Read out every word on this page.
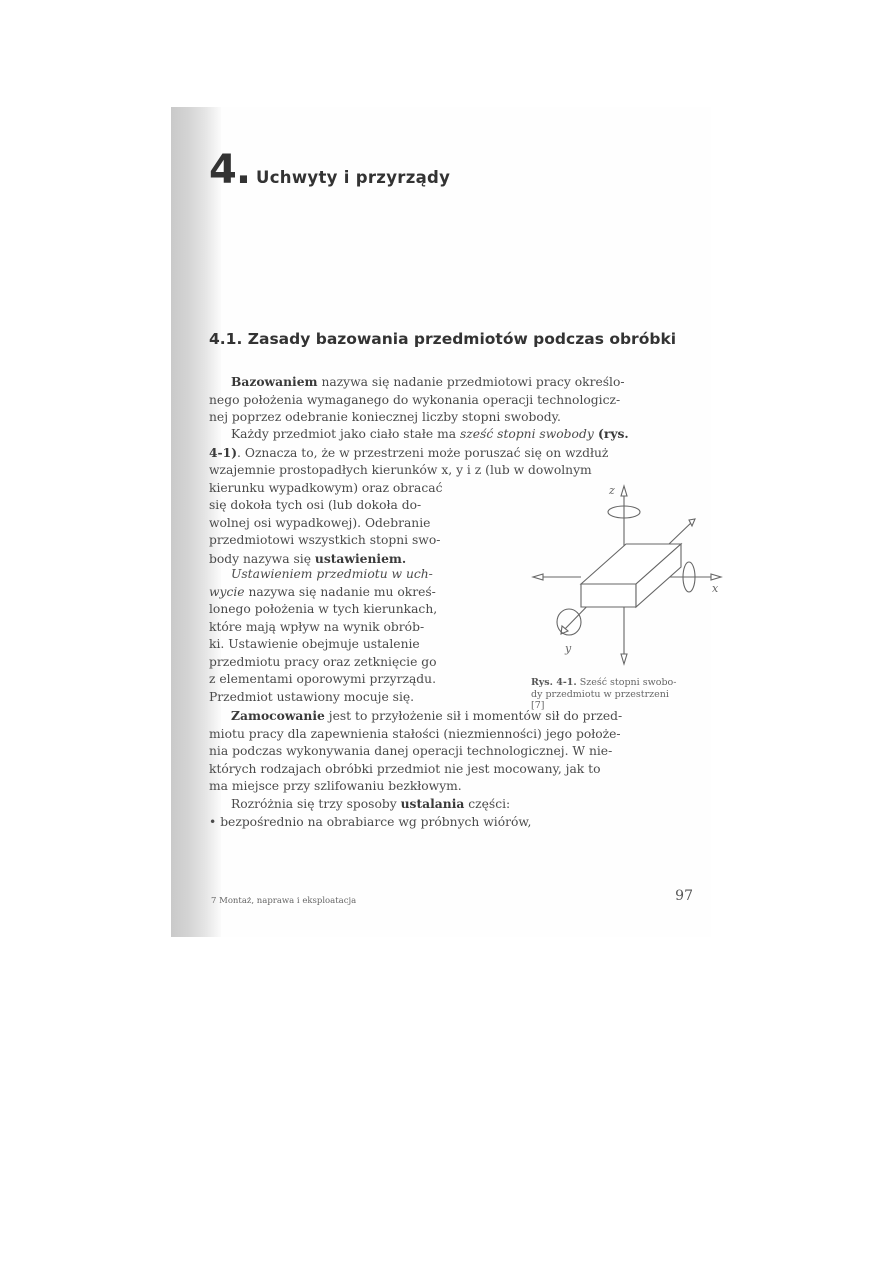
4. Uchwyty i przyrządy
4.1. Zasady bazowania przedmiotów podczas obróbki
Bazowaniem nazywa się nadanie przedmiotowi pracy określo-
nego położenia wymaganego do wykonania operacji technologicz-
nej poprzez odebranie koniecznej liczby stopni swobody.
Każdy przedmiot jako ciało stałe ma sześć stopni swobody (rys.
4-1). Oznacza to, że w przestrzeni może poruszać się on wzdłuż
wzajemnie prostopadłych kierunków x, y i z (lub w dowolnym
kierunku wypadkowym) oraz obracać
się dokoła tych osi (lub dokoła do-
wolnej osi wypadkowej). Odebranie
przedmiotowi wszystkich stopni swo-
body nazywa się ustawieniem.
Ustawieniem przedmiotu w uch-
wycie nazywa się nadanie mu okreś-
lonego położenia w tych kierunkach,
które mają wpływ na wynik obrób-
ki. Ustawienie obejmuje ustalenie
przedmiotu pracy oraz zetknięcie go
z elementami oporowymi przyrządu.
Przedmiot ustawiony mocuje się.
Zamocowanie jest to przyłożenie sił i momentów sił do przed-
miotu pracy dla zapewnienia stałości (niezmienności) jego położe-
nia podczas wykonywania danej operacji technologicznej. W nie-
których rodzajach obróbki przedmiot nie jest mocowany, jak to
ma miejsce przy szlifowaniu bezkłowym.
Rozróżnia się trzy sposoby ustalania części:
• bezpośrednio na obrabiarce wg próbnych wiórów,
z
x
y
Rys. 4-1. Sześć stopni swobo-
dy przedmiotu w przestrzeni
[7]
7 Montaż, naprawa i eksploatacja	97
